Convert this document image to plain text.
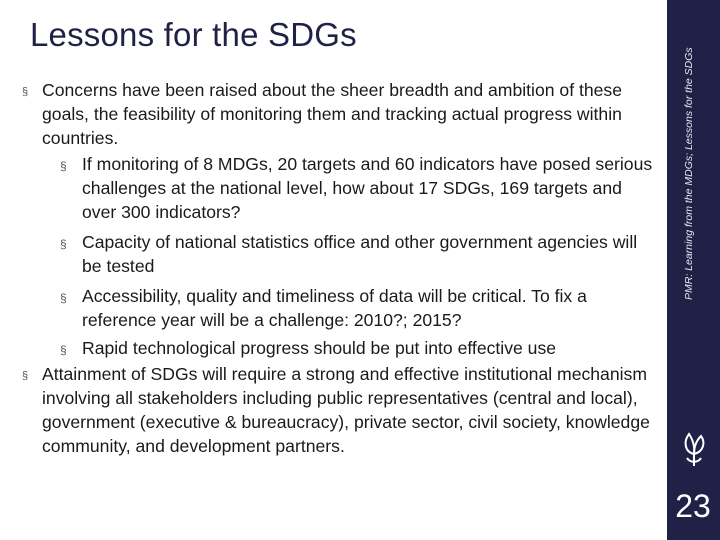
Lessons for the SDGs
§ Concerns have been raised about the sheer breadth and ambition of these goals, the feasibility of monitoring them and tracking actual progress within countries.
§ If monitoring of 8 MDGs, 20 targets and 60 indicators have posed serious challenges at the national level, how about 17 SDGs, 169 targets and over 300 indicators?
§ Capacity of national statistics office and other government agencies will be tested
§ Accessibility, quality and timeliness of data will be critical. To fix a reference year will be a challenge: 2010?; 2015?
§ Rapid technological progress should be put into effective use
§ Attainment of SDGs will require a strong and effective institutional mechanism involving all stakeholders including public representatives (central and local), government (executive & bureaucracy), private sector, civil society, knowledge community, and development partners.
PMR: Learning from the MDGs; Lessons for the SDGs
23
